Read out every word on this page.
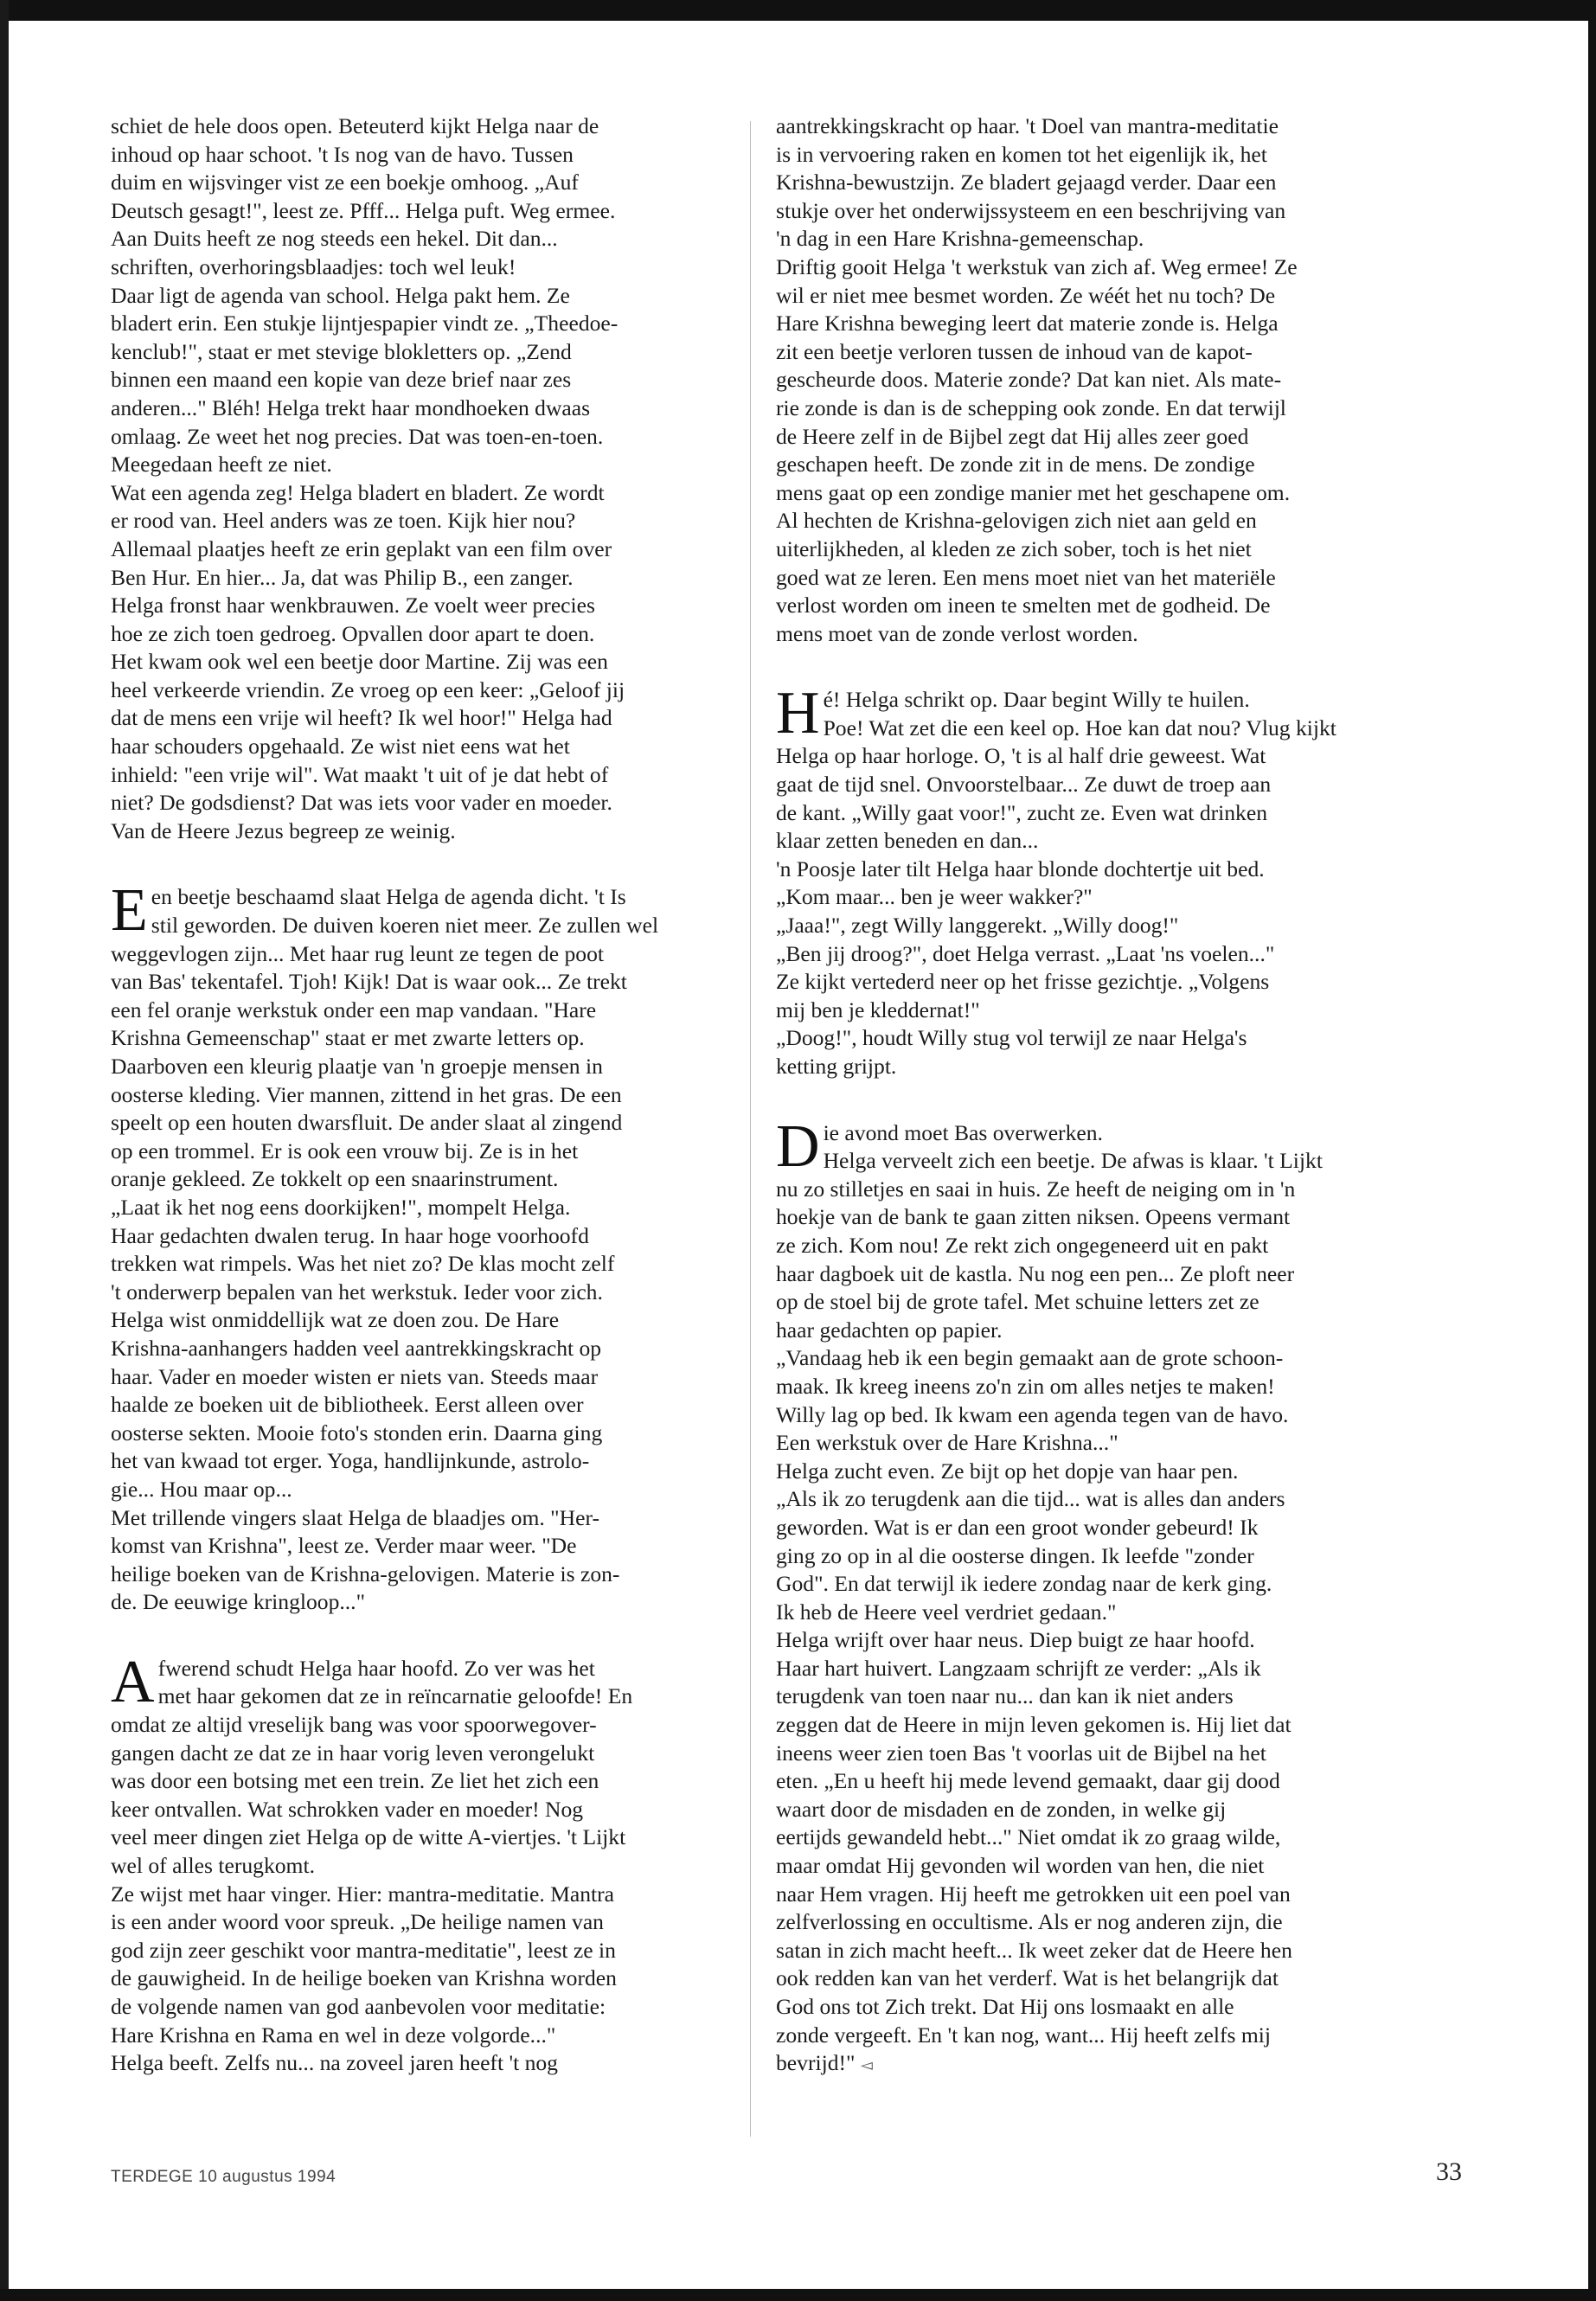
schiet de hele doos open. Beteuterd kijkt Helga naar de
inhoud op haar schoot. 't Is nog van de havo. Tussen
duim en wijsvinger vist ze een boekje omhoog. „Auf
Deutsch gesagt!", leest ze. Pfff... Helga puft. Weg ermee.
Aan Duits heeft ze nog steeds een hekel. Dit dan...
schriften, overhoringsblaadjes: toch wel leuk!
Daar ligt de agenda van school. Helga pakt hem. Ze
bladert erin. Een stukje lijntjespapier vindt ze. „Theedoe-
kenclub!", staat er met stevige blokletters op. „Zend
binnen een maand een kopie van deze brief naar zes
anderen..." Bléh! Helga trekt haar mondhoeken dwaas
omlaag. Ze weet het nog precies. Dat was toen-en-toen.
Meegedaan heeft ze niet.
Wat een agenda zeg! Helga bladert en bladert. Ze wordt
er rood van. Heel anders was ze toen. Kijk hier nou?
Allemaal plaatjes heeft ze erin geplakt van een film over
Ben Hur. En hier... Ja, dat was Philip B., een zanger.
Helga fronst haar wenkbrauwen. Ze voelt weer precies
hoe ze zich toen gedroeg. Opvallen door apart te doen.
Het kwam ook wel een beetje door Martine. Zij was een
heel verkeerde vriendin. Ze vroeg op een keer: „Geloof jij
dat de mens een vrije wil heeft? Ik wel hoor!" Helga had
haar schouders opgehaald. Ze wist niet eens wat het
inhield: "een vrije wil". Wat maakt 't uit of je dat hebt of
niet? De godsdienst? Dat was iets voor vader en moeder.
Van de Heere Jezus begreep ze weinig.

Een beetje beschaamd slaat Helga de agenda dicht. 't Is
stil geworden. De duiven koeren niet meer. Ze zullen wel
weggevlogen zijn... Met haar rug leunt ze tegen de poot
van Bas' tekentafel. Tjoh! Kijk! Dat is waar ook... Ze trekt
een fel oranje werkstuk onder een map vandaan. "Hare
Krishna Gemeenschap" staat er met zwarte letters op.
Daarboven een kleurig plaatje van 'n groepje mensen in
oosterse kleding. Vier mannen, zittend in het gras. De een
speelt op een houten dwarsfluit. De ander slaat al zingend
op een trommel. Er is ook een vrouw bij. Ze is in het
oranje gekleed. Ze tokkelt op een snaarinstrument.
„Laat ik het nog eens doorkijken!", mompelt Helga.
Haar gedachten dwalen terug. In haar hoge voorhoofd
trekken wat rimpels. Was het niet zo? De klas mocht zelf
't onderwerp bepalen van het werkstuk. Ieder voor zich.
Helga wist onmiddellijk wat ze doen zou. De Hare
Krishna-aanhangers hadden veel aantrekkingskracht op
haar. Vader en moeder wisten er niets van. Steeds maar
haalde ze boeken uit de bibliotheek. Eerst alleen over
oosterse sekten. Mooie foto's stonden erin. Daarna ging
het van kwaad tot erger. Yoga, handlijnkunde, astrolo-
gie... Hou maar op...
Met trillende vingers slaat Helga de blaadjes om. "Her-
komst van Krishna", leest ze. Verder maar weer. "De
heilige boeken van de Krishna-gelovigen. Materie is zon-
de. De eeuwige kringloop..."

Afwerend schudt Helga haar hoofd. Zo ver was het
met haar gekomen dat ze in reïncarnatie geloofde! En
omdat ze altijd vreselijk bang was voor spoorwegover-
gangen dacht ze dat ze in haar vorig leven verongelukt
was door een botsing met een trein. Ze liet het zich een
keer ontvallen. Wat schrokken vader en moeder! Nog
veel meer dingen ziet Helga op de witte A-viertjes. 't Lijkt
wel of alles terugkomt.
Ze wijst met haar vinger. Hier: mantra-meditatie. Mantra
is een ander woord voor spreuk. „De heilige namen van
god zijn zeer geschikt voor mantra-meditatie", leest ze in
de gauwigheid. In de heilige boeken van Krishna worden
de volgende namen van god aanbevolen voor meditatie:
Hare Krishna en Rama en wel in deze volgorde..."
Helga beeft. Zelfs nu... na zoveel jaren heeft 't nog

aantrekkingskracht op haar. 't Doel van mantra-meditatie
is in vervoering raken en komen tot het eigenlijk ik, het
Krishna-bewustzijn. Ze bladert gejaagd verder. Daar een
stukje over het onderwijssysteem en een beschrijving van
'n dag in een Hare Krishna-gemeenschap.
Driftig gooit Helga 't werkstuk van zich af. Weg ermee! Ze
wil er niet mee besmet worden. Ze wéét het nu toch? De
Hare Krishna beweging leert dat materie zonde is. Helga
zit een beetje verloren tussen de inhoud van de kapot-
gescheurde doos. Materie zonde? Dat kan niet. Als mate-
rie zonde is dan is de schepping ook zonde. En dat terwijl
de Heere zelf in de Bijbel zegt dat Hij alles zeer goed
geschapen heeft. De zonde zit in de mens. De zondige
mens gaat op een zondige manier met het geschapene om.
Al hechten de Krishna-gelovigen zich niet aan geld en
uiterlijkheden, al kleden ze zich sober, toch is het niet
goed wat ze leren. Een mens moet niet van het materiële
verlost worden om ineen te smelten met de godheid. De
mens moet van de zonde verlost worden.

Hé! Helga schrikt op. Daar begint Willy te huilen.
Poe! Wat zet die een keel op. Hoe kan dat nou? Vlug kijkt
Helga op haar horloge. O, 't is al half drie geweest. Wat
gaat de tijd snel. Onvoorstelbaar... Ze duwt de troep aan
de kant. „Willy gaat voor!", zucht ze. Even wat drinken
klaar zetten beneden en dan...
'n Poosje later tilt Helga haar blonde dochtertje uit bed.
„Kom maar... ben je weer wakker?"
„Jaaa!", zegt Willy langgerekt. „Willy doog!"
„Ben jij droog?", doet Helga verrast. „Laat 'ns voelen..."
Ze kijkt vertederd neer op het frisse gezichtje. „Volgens
mij ben je kleddernat!"
„Doog!", houdt Willy stug vol terwijl ze naar Helga's
ketting grijpt.

Die avond moet Bas overwerken.
Helga verveelt zich een beetje. De afwas is klaar. 't Lijkt
nu zo stilletjes en saai in huis. Ze heeft de neiging om in 'n
hoekje van de bank te gaan zitten niksen. Opeens vermant
ze zich. Kom nou! Ze rekt zich ongegeneerd uit en pakt
haar dagboek uit de kastla. Nu nog een pen... Ze ploft neer
op de stoel bij de grote tafel. Met schuine letters zet ze
haar gedachten op papier.
„Vandaag heb ik een begin gemaakt aan de grote schoon-
maak. Ik kreeg ineens zo'n zin om alles netjes te maken!
Willy lag op bed. Ik kwam een agenda tegen van de havo.
Een werkstuk over de Hare Krishna..."
Helga zucht even. Ze bijt op het dopje van haar pen.
„Als ik zo terugdenk aan die tijd... wat is alles dan anders
geworden. Wat is er dan een groot wonder gebeurd! Ik
ging zo op in al die oosterse dingen. Ik leefde "zonder
God". En dat terwijl ik iedere zondag naar de kerk ging.
Ik heb de Heere veel verdriet gedaan."
Helga wrijft over haar neus. Diep buigt ze haar hoofd.
Haar hart huivert. Langzaam schrijft ze verder: „Als ik
terugdenk van toen naar nu... dan kan ik niet anders
zeggen dat de Heere in mijn leven gekomen is. Hij liet dat
ineens weer zien toen Bas 't voorlas uit de Bijbel na het
eten. „En u heeft hij mede levend gemaakt, daar gij dood
waart door de misdaden en de zonden, in welke gij
eertijds gewandeld hebt..." Niet omdat ik zo graag wilde,
maar omdat Hij gevonden wil worden van hen, die niet
naar Hem vragen. Hij heeft me getrokken uit een poel van
zelfverlossing en occultisme. Als er nog anderen zijn, die
satan in zich macht heeft... Ik weet zeker dat de Heere hen
ook redden kan van het verderf. Wat is het belangrijk dat
God ons tot Zich trekt. Dat Hij ons losmaakt en alle
zonde vergeeft. En 't kan nog, want... Hij heeft zelfs mij
bevrijd!" ◅

TERDEGE 10 augustus 1994	33
